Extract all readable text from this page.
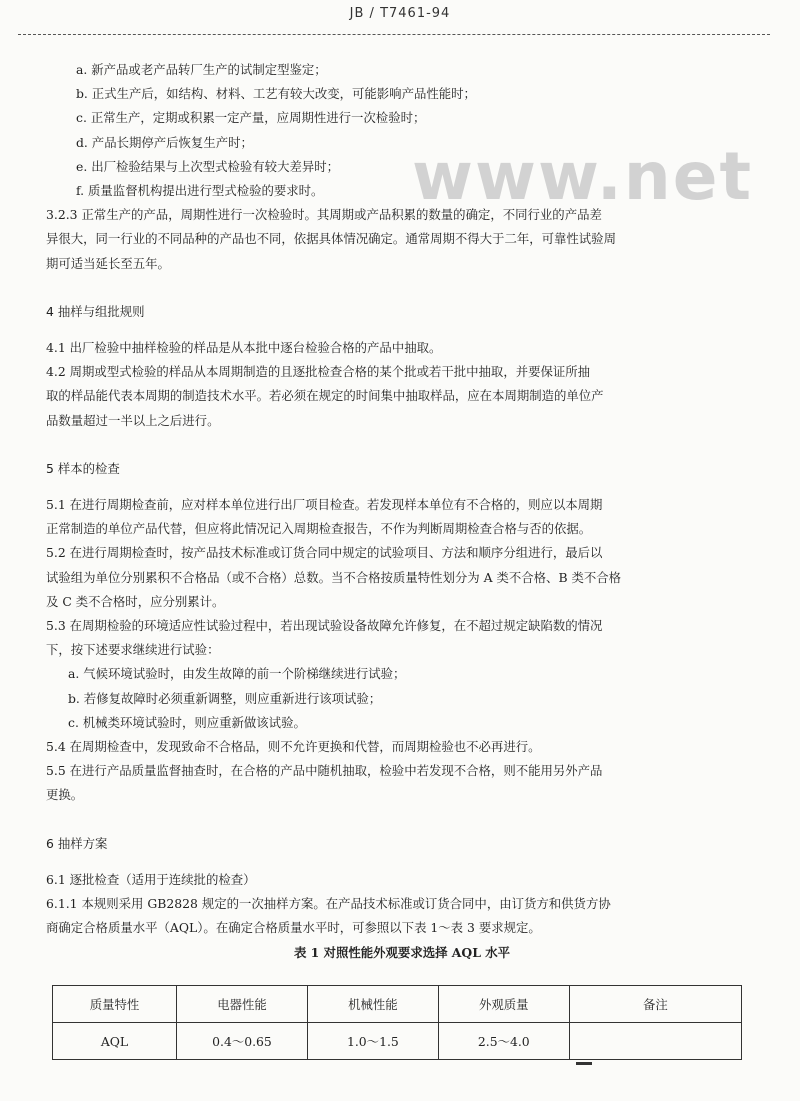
JB / T7461-94
www.net
a. 新产品或老产品转厂生产的试制定型鉴定；
b. 正式生产后，如结构、材料、工艺有较大改变，可能影响产品性能时；
c. 正常生产，定期或积累一定产量，应周期性进行一次检验时；
d. 产品长期停产后恢复生产时；
e. 出厂检验结果与上次型式检验有较大差异时；
f. 质量监督机构提出进行型式检验的要求时。
3.2.3 正常生产的产品，周期性进行一次检验时。其周期或产品积累的数量的确定，不同行业的产品差
异很大，同一行业的不同品种的产品也不同，依据具体情况确定。通常周期不得大于二年，可靠性试验周
期可适当延长至五年。
4 抽样与组批规则
4.1 出厂检验中抽样检验的样品是从本批中逐台检验合格的产品中抽取。
4.2 周期或型式检验的样品从本周期制造的且逐批检查合格的某个批或若干批中抽取，并要保证所抽
取的样品能代表本周期的制造技术水平。若必须在规定的时间集中抽取样品，应在本周期制造的单位产
品数量超过一半以上之后进行。
5 样本的检查
5.1 在进行周期检查前，应对样本单位进行出厂项目检查。若发现样本单位有不合格的，则应以本周期
正常制造的单位产品代替，但应将此情况记入周期检查报告，不作为判断周期检查合格与否的依据。
5.2 在进行周期检查时，按产品技术标准或订货合同中规定的试验项目、方法和顺序分组进行，最后以
试验组为单位分别累积不合格品（或不合格）总数。当不合格按质量特性划分为 A 类不合格、B 类不合格
及 C 类不合格时，应分别累计。
5.3 在周期检验的环境适应性试验过程中，若出现试验设备故障允许修复，在不超过规定缺陷数的情况
下，按下述要求继续进行试验：
a. 气候环境试验时，由发生故障的前一个阶梯继续进行试验；
b. 若修复故障时必须重新调整，则应重新进行该项试验；
c. 机械类环境试验时，则应重新做该试验。
5.4 在周期检查中，发现致命不合格品，则不允许更换和代替，而周期检验也不必再进行。
5.5 在进行产品质量监督抽查时，在合格的产品中随机抽取，检验中若发现不合格，则不能用另外产品
更换。
6 抽样方案
6.1 逐批检查（适用于连续批的检查）
6.1.1 本规则采用 GB2828 规定的一次抽样方案。在产品技术标准或订货合同中，由订货方和供货方协
商确定合格质量水平（AQL）。在确定合格质量水平时，可参照以下表 1～表 3 要求规定。
表 1 对照性能外观要求选择 AQL 水平
质量特性	电器性能	机械性能	外观质量	备注
AQL	0.4～0.65	1.0～1.5	2.5～4.0	
